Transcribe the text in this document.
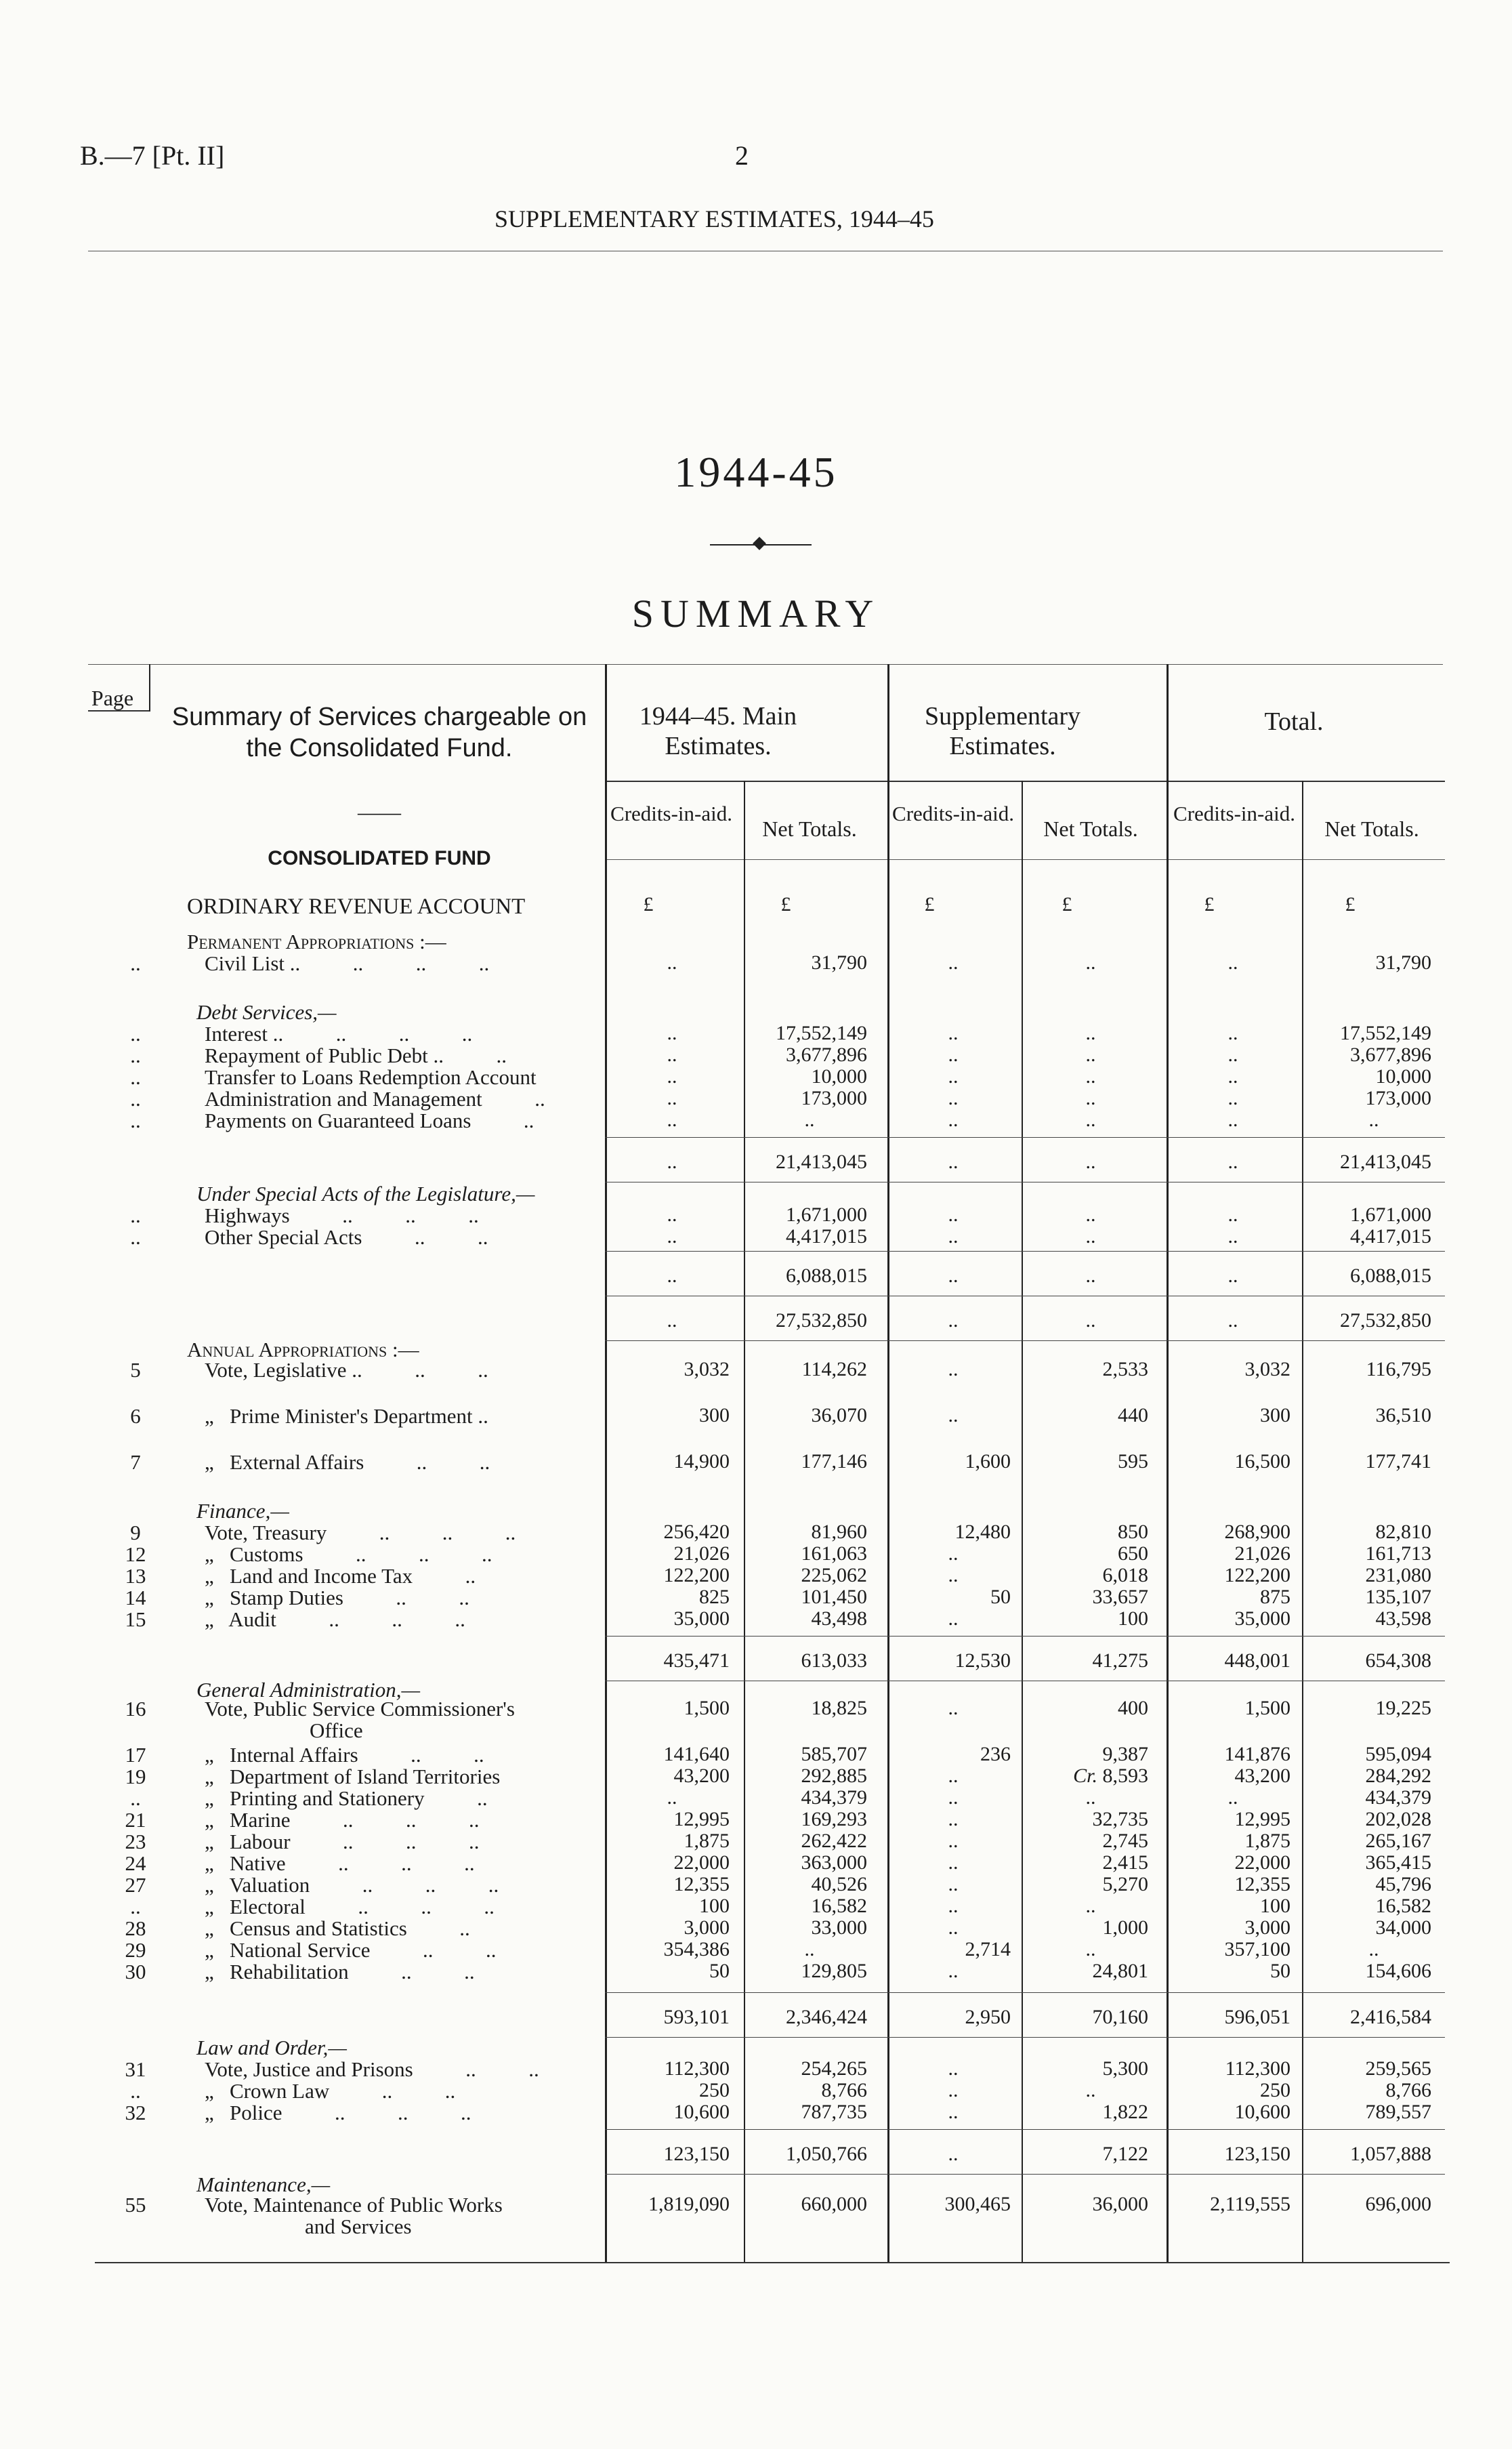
B.—7 [Pt. II]	2
SUPPLEMENTARY ESTIMATES, 1944–45
1944-45
SUMMARY
Page
Summary of Services chargeable on the Consolidated Fund.
1944–45. Main Estimates.
Supplementary Estimates.
Total.
Credits-in-aid.
Net Totals.
Credits-in-aid.
Net Totals.
Credits-in-aid.
Net Totals.
——
CONSOLIDATED FUND
ORDINARY REVENUE ACCOUNT	£	£	£	£	£	£
Permanent Appropriations :—
..	Civil List ..          ..          ..          ..	..	31,790	..	..	..	31,790
Debt Services,—
..	Interest ..          ..          ..          ..	..	17,552,149	..	..	..	17,552,149
..	Repayment of Public Debt ..          ..	..	3,677,896	..	..	..	3,677,896
..	Transfer to Loans Redemption Account	..	10,000	..	..	..	10,000
..	Administration and Management          ..	..	173,000	..	..	..	173,000
..	Payments on Guaranteed Loans          ..	..	..	..	..	..	..
..	21,413,045	..	..	..	21,413,045
Under Special Acts of the Legislature,—
..	Highways          ..          ..          ..	..	1,671,000	..	..	..	1,671,000
..	Other Special Acts          ..          ..	..	4,417,015	..	..	..	4,417,015
..	6,088,015	..	..	..	6,088,015
..	27,532,850	..	..	..	27,532,850
Annual Appropriations :—
5	Vote, Legislative ..          ..          ..	3,032	114,262	..	2,533	3,032	116,795
6	„   Prime Minister's Department ..	300	36,070	..	440	300	36,510
7	„   External Affairs          ..          ..	14,900	177,146	1,600	595	16,500	177,741
Finance,—
9	Vote, Treasury          ..          ..          ..	256,420	81,960	12,480	850	268,900	82,810
12	„   Customs          ..          ..          ..	21,026	161,063	..	650	21,026	161,713
13	„   Land and Income Tax          ..	122,200	225,062	..	6,018	122,200	231,080
14	„   Stamp Duties          ..          ..	825	101,450	50	33,657	875	135,107
15	„   Audit          ..          ..          ..	35,000	43,498	..	100	35,000	43,598
435,471	613,033	12,530	41,275	448,001	654,308
General Administration,—
16	Vote, Public Service Commissioner's	1,500	18,825	..	400	1,500	19,225
Office
17	„   Internal Affairs          ..          ..	141,640	585,707	236	9,387	141,876	595,094
19	„   Department of Island Territories	43,200	292,885	..	Cr. 8,593	43,200	284,292
..	„   Printing and Stationery          ..	..	434,379	..	..	..	434,379
21	„   Marine          ..          ..          ..	12,995	169,293	..	32,735	12,995	202,028
23	„   Labour          ..          ..          ..	1,875	262,422	..	2,745	1,875	265,167
24	„   Native          ..          ..          ..	22,000	363,000	..	2,415	22,000	365,415
27	„   Valuation          ..          ..          ..	12,355	40,526	..	5,270	12,355	45,796
..	„   Electoral          ..          ..          ..	100	16,582	..	..	100	16,582
28	„   Census and Statistics          ..	3,000	33,000	..	1,000	3,000	34,000
29	„   National Service          ..          ..	354,386	..	2,714	..	357,100	..
30	„   Rehabilitation          ..          ..	50	129,805	..	24,801	50	154,606
593,101	2,346,424	2,950	70,160	596,051	2,416,584
Law and Order,—
31	Vote, Justice and Prisons          ..          ..	112,300	254,265	..	5,300	112,300	259,565
..	„   Crown Law          ..          ..	250	8,766	..	..	250	8,766
32	„   Police          ..          ..          ..	10,600	787,735	..	1,822	10,600	789,557
123,150	1,050,766	..	7,122	123,150	1,057,888
Maintenance,—
55	Vote, Maintenance of Public Works	1,819,090	660,000	300,465	36,000	2,119,555	696,000
and Services
